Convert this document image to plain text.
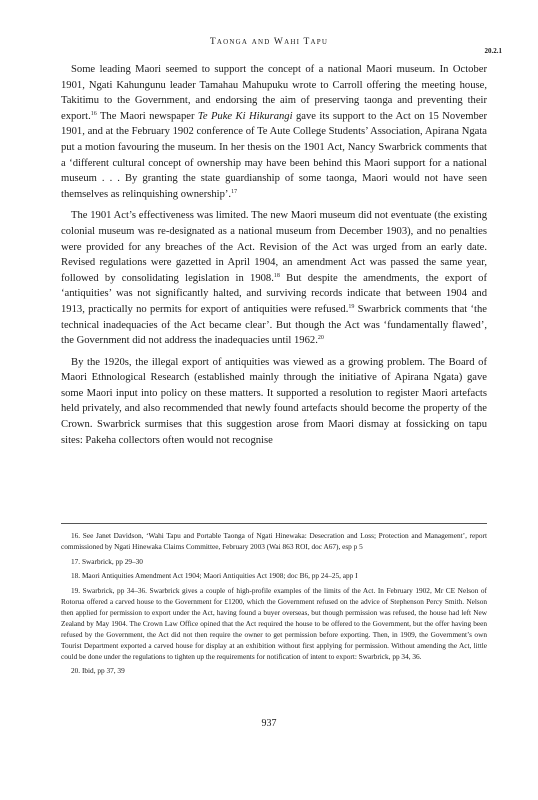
Taonga and Wahi Tapu
20.2.1

Some leading Maori seemed to support the concept of a national Maori museum. In October 1901, Ngati Kahungunu leader Tamahau Mahupuku wrote to Carroll offering the meeting house, Takitimu to the Government, and endorsing the aim of preserving taonga and preventing their export.$^{16}$ The Maori newspaper Te Puke Ki Hikurangi gave its support to the Act on 15 November 1901, and at the February 1902 conference of Te Aute College Students’ Association, Apirana Ngata put a motion favouring the museum. In her thesis on the 1901 Act, Nancy Swarbrick comments that a ‘different cultural concept of ownership may have been behind this Maori support for a national museum . . . By granting the state guardianship of some taonga, Maori would not have seen themselves as relinquishing ownership’.$^{17}$

The 1901 Act’s effectiveness was limited. The new Maori museum did not eventuate (the existing colonial museum was re-designated as a national museum from December 1903), and no penalties were provided for any breaches of the Act. Revision of the Act was urged from an early date. Revised regulations were gazetted in April 1904, an amendment Act was passed the same year, followed by consolidating legislation in 1908.18 But despite the amendments, the export of ‘antiquities’ was not significantly halted, and surviving records indicate that between 1904 and 1913, practically no permits for export of antiquities were refused.$^{19}$ Swarbrick comments that ‘the technical inadequacies of the Act became clear’. But though the Act was ‘fundamentally flawed’, the Government did not address the inadequacies until 1962.20

By the 1920s, the illegal export of antiquities was viewed as a growing problem. The Board of Maori Ethnological Research (established mainly through the initiative of Apirana Ngata) gave some Maori input into policy on these matters. It supported a resolution to register Maori artefacts held privately, and also recommended that newly found artefacts should become the property of the Crown. Swarbrick surmises that this suggestion arose from Maori dismay at fossicking on tapu sites: Pakeha collectors often would not recognise

16. See Janet Davidson, ‘Wahi Tapu and Portable Taonga of Ngati Hinewaka: Desecration and Loss; Protection and Management’, report commissioned by Ngati Hinewaka Claims Committee, February 2003 (Wai 863 ROI, doc A67), esp p 5

17. Swarbrick, pp 29–30

18. Maori Antiquities Amendment Act 1904; Maori Antiquities Act 1908; doc B6, pp 24–25, app I

19. Swarbrick, pp 34–36. Swarbrick gives a couple of high-profile examples of the limits of the Act. In February 1902, Mr CE Nelson of Rotorua offered a carved house to the Government for £1200, which the Government refused on the advice of Stephenson Percy Smith. Nelson then applied for permission to export under the Act, having found a buyer overseas, but though permission was refused, the house had left New Zealand by May 1904. The Crown Law Office opined that the Act required the house to be offered to the Government, but the offer having been refused by the Government, the Act did not then require the owner to get permission before exporting. Then, in 1909, the Government’s own Tourist Department exported a carved house for display at an exhibition without first applying for permission. Without amending the Act, little could be done under the regulations to tighten up the requirements for notification of intent to export: Swarbrick, pp 34, 36.

20. Ibid, pp 37, 39

937
